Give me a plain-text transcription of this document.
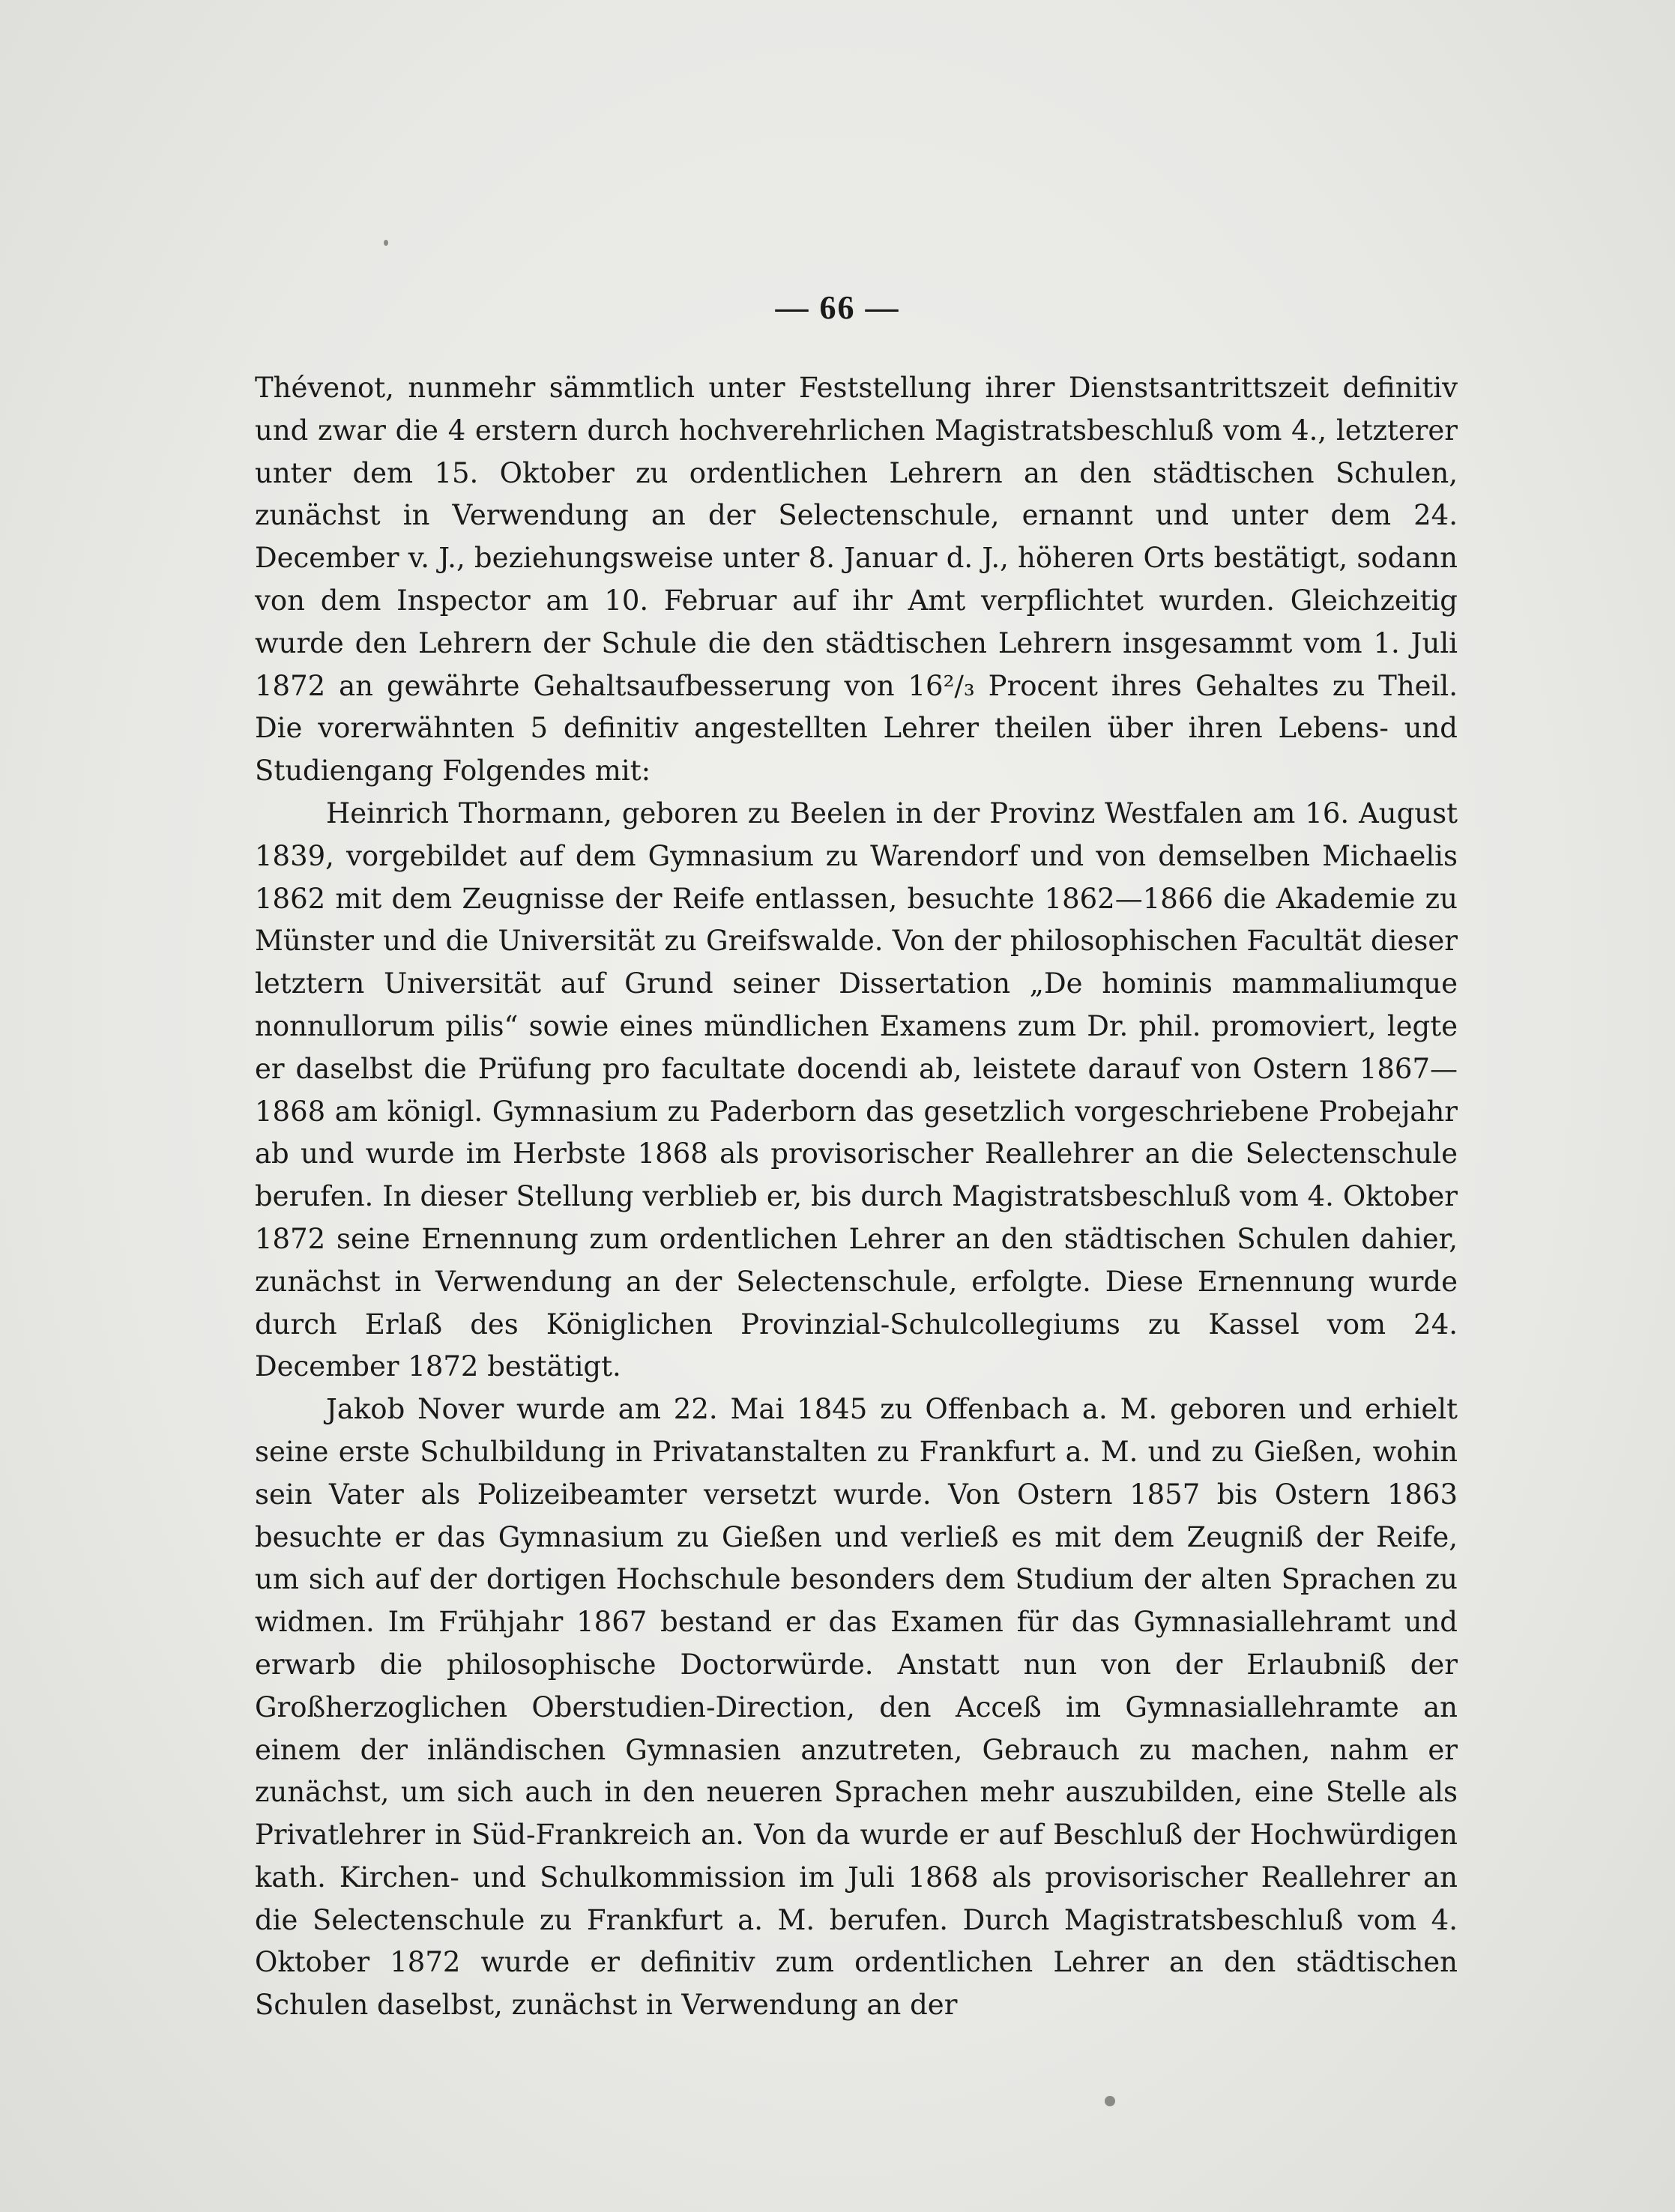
— 66 —

Thévenot, nunmehr sämmtlich unter Feststellung ihrer Dienstsantrittszeit definitiv und zwar die 4 erstern durch hochverehrlichen Magistratsbeschluß vom 4., letzterer unter dem 15. Oktober zu ordentlichen Lehrern an den städtischen Schulen, zunächst in Verwendung an der Selectenschule, ernannt und unter dem 24. December v. J., beziehungsweise unter 8. Januar d. J., höheren Orts bestätigt, sodann von dem Inspector am 10. Februar auf ihr Amt verpflichtet wurden. Gleichzeitig wurde den Lehrern der Schule die den städtischen Lehrern insgesammt vom 1. Juli 1872 an gewährte Gehaltsaufbesserung von 16²/₃ Procent ihres Gehaltes zu Theil. Die vorerwähnten 5 definitiv angestellten Lehrer theilen über ihren Lebens- und Studiengang Folgendes mit:

Heinrich Thormann, geboren zu Beelen in der Provinz Westfalen am 16. August 1839, vorgebildet auf dem Gymnasium zu Warendorf und von demselben Michaelis 1862 mit dem Zeugnisse der Reife entlassen, besuchte 1862—1866 die Akademie zu Münster und die Universität zu Greifswalde. Von der philosophischen Facultät dieser letztern Universität auf Grund seiner Dissertation „De hominis mammaliumque nonnullorum pilis“ sowie eines mündlichen Examens zum Dr. phil. promoviert, legte er daselbst die Prüfung pro facultate docendi ab, leistete darauf von Ostern 1867—1868 am königl. Gymnasium zu Paderborn das gesetzlich vorgeschriebene Probejahr ab und wurde im Herbste 1868 als provisorischer Reallehrer an die Selectenschule berufen. In dieser Stellung verblieb er, bis durch Magistratsbeschluß vom 4. Oktober 1872 seine Ernennung zum ordentlichen Lehrer an den städtischen Schulen dahier, zunächst in Verwendung an der Selectenschule, erfolgte. Diese Ernennung wurde durch Erlaß des Königlichen Provinzial-Schulcollegiums zu Kassel vom 24. December 1872 bestätigt.

Jakob Nover wurde am 22. Mai 1845 zu Offenbach a. M. geboren und erhielt seine erste Schulbildung in Privatanstalten zu Frankfurt a. M. und zu Gießen, wohin sein Vater als Polizeibeamter versetzt wurde. Von Ostern 1857 bis Ostern 1863 besuchte er das Gymnasium zu Gießen und verließ es mit dem Zeugniß der Reife, um sich auf der dortigen Hochschule besonders dem Studium der alten Sprachen zu widmen. Im Frühjahr 1867 bestand er das Examen für das Gymnasiallehramt und erwarb die philosophische Doctorwürde. Anstatt nun von der Erlaubniß der Großherzoglichen Oberstudien-Direction, den Acceß im Gymnasiallehramte an einem der inländischen Gymnasien anzutreten, Gebrauch zu machen, nahm er zunächst, um sich auch in den neueren Sprachen mehr auszubilden, eine Stelle als Privatlehrer in Süd-Frankreich an. Von da wurde er auf Beschluß der Hochwürdigen kath. Kirchen- und Schulkommission im Juli 1868 als provisorischer Reallehrer an die Selectenschule zu Frankfurt a. M. berufen. Durch Magistratsbeschluß vom 4. Oktober 1872 wurde er definitiv zum ordentlichen Lehrer an den städtischen Schulen daselbst, zunächst in Verwendung an der
